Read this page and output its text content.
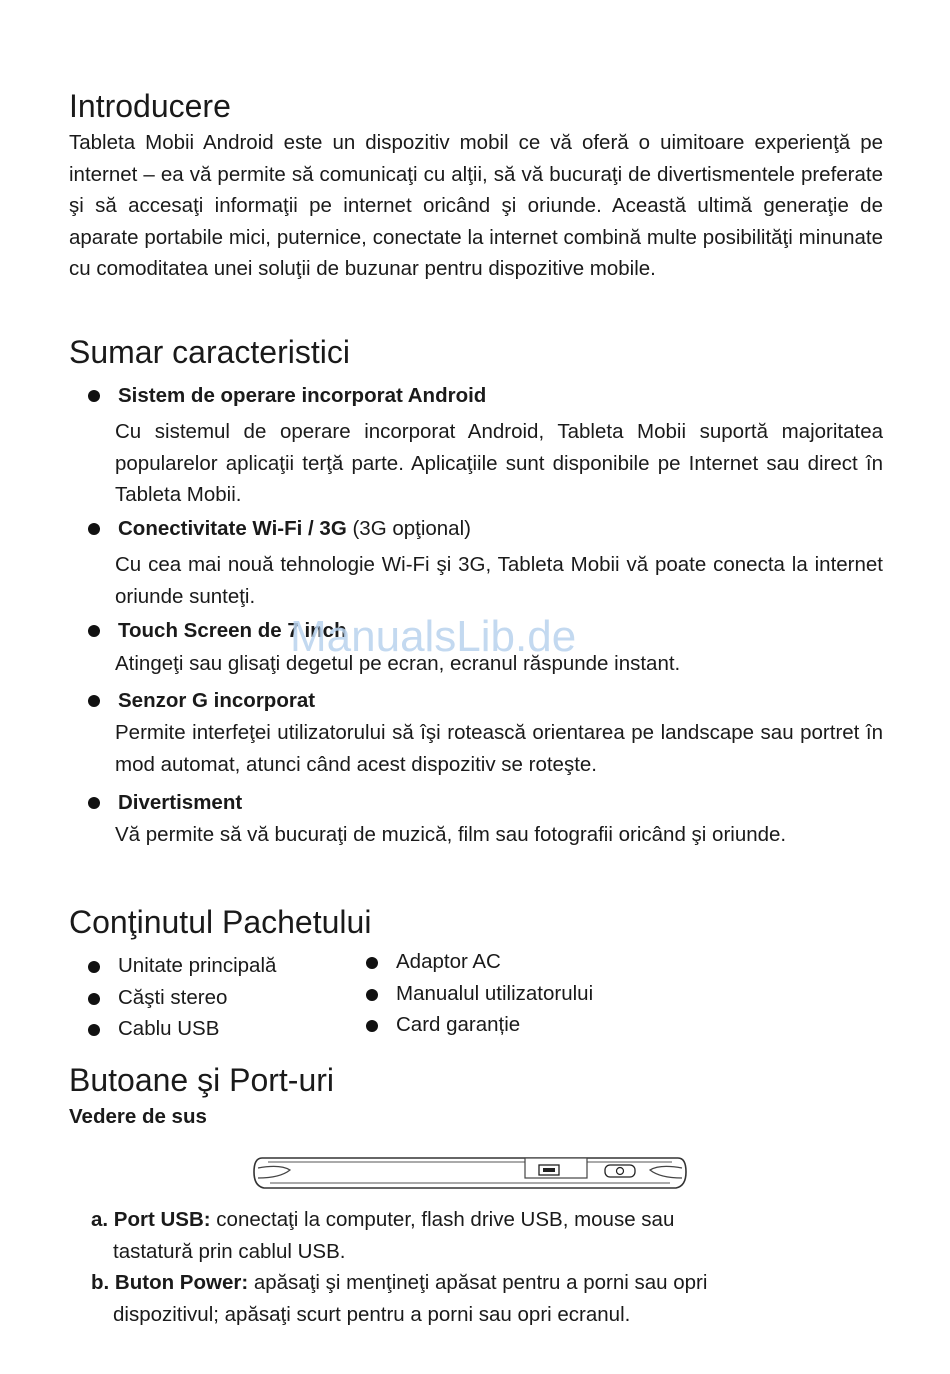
Introducere

Tableta Mobii Android este un dispozitiv mobil ce vă oferă o uimitoare experienţă pe internet – ea vă permite să comunicaţi cu alţii, să vă bucuraţi de divertismentele preferate şi să accesaţi informaţii pe internet oricând şi oriunde. Această ultimă generaţie de aparate portabile mici, puternice, conectate la internet combină multe posibilităţi minunate cu comoditatea unei soluţii de buzunar pentru dispozitive mobile.

Sumar caracteristici
Sistem de operare incorporat Android

Cu sistemul de operare incorporat Android, Tableta Mobii suportă majoritatea popularelor aplicaţii terţă parte. Aplicaţiile sunt disponibile pe Internet sau direct în Tableta Mobii.

Conectivitate Wi-Fi / 3G (3G opţional)

Cu cea mai nouă tehnologie Wi-Fi şi 3G, Tableta Mobii vă poate conecta la internet oriunde sunteţi.

Touch Screen de 7 inch

Atingeţi sau glisaţi degetul pe ecran, ecranul răspunde instant.

Senzor G incorporat

Permite interfeţei utilizatorului să îşi rotească orientarea pe landscape sau portret în mod automat, atunci când acest dispozitiv se roteşte.

Divertisment

Vă permite să vă bucuraţi de muzică, film sau fotografii oricând şi oriunde.

Conţinutul Pachetului
Unitate principală
Căşti stereo
Cablu USB
Adaptor AC
Manualul utilizatorului
Card garanție
Butoane şi Port-uri
Vedere de sus

a. Port USB: conectaţi la computer, flash drive USB, mouse sau
tastatură prin cablul USB.

b. Buton Power: apăsaţi şi menţineţi apăsat pentru a porni sau opri
dispozitivul; apăsaţi scurt pentru a porni sau opri ecranul.

ManualsLib.de
